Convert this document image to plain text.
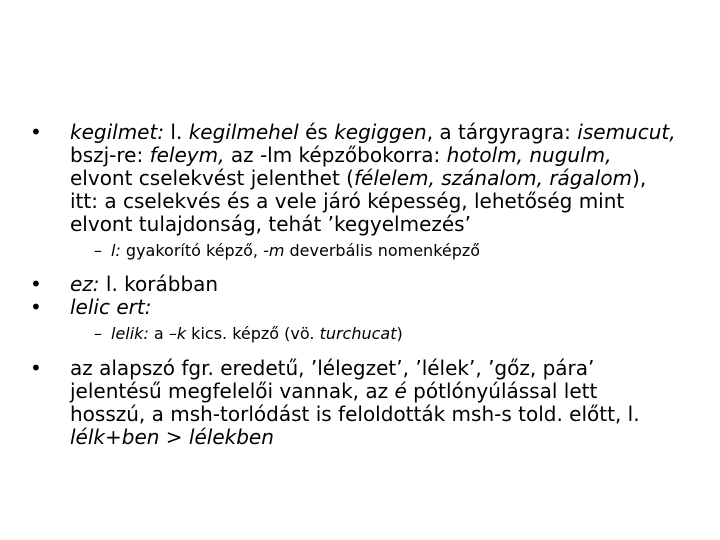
• kegilmet: l. kegilmehel és kegiggen, a tárgyragra: isemucut,
bszj-re: feleym, az -lm képzőbokorra: hotolm, nugulm,
elvont cselekvést jelenthet (félelem, szánalom, rágalom),
itt: a cselekvés és a vele járó képesség, lehetőség mint
elvont tulajdonság, tehát ’kegyelmezés’
– l: gyakorító képző, -m deverbális nomenképző
• ez: l. korábban
• lelic ert:
– lelik: a –k kics. képző (vö. turchucat)
• az alapszó fgr. eredetű, ’lélegzet’, ’lélek’, ’gőz, pára’
jelentésű megfelelői vannak, az é pótlónyúlással lett
hosszú, a msh-torlódást is feloldották msh-s told. előtt, l.
lélk+ben > lélekben
